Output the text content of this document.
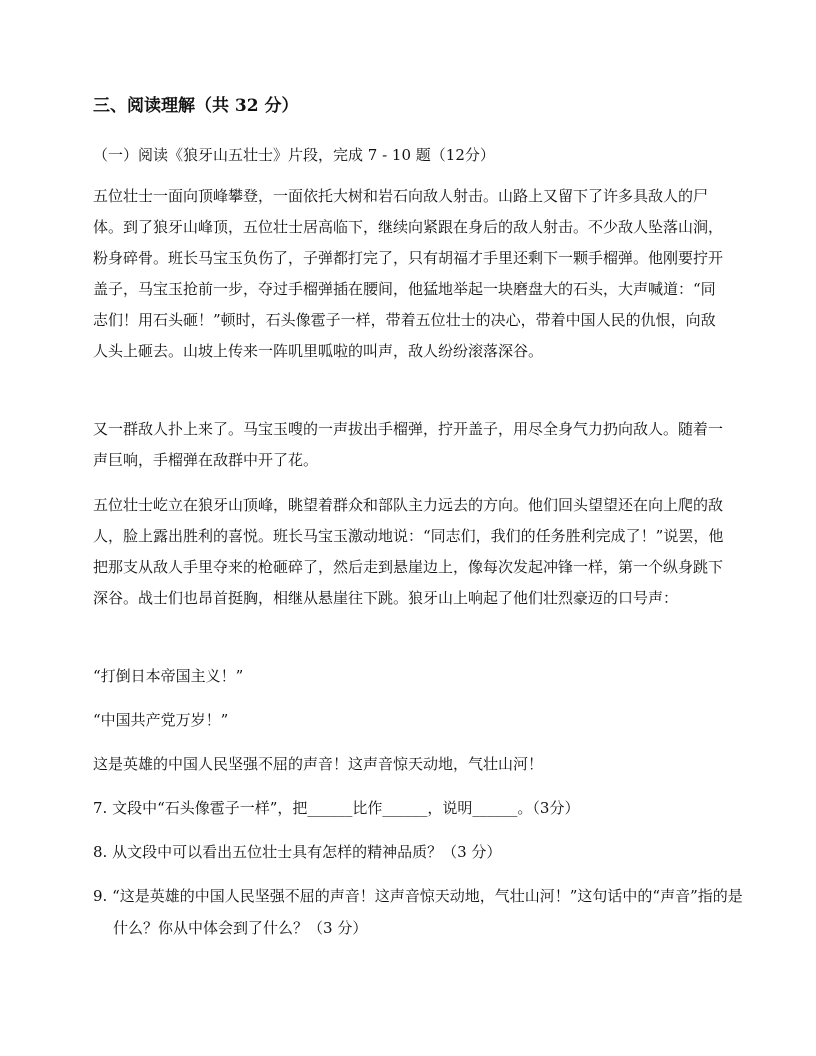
三、阅读理解（共 32 分）
（一）阅读《狼牙山五壮士》片段，完成 7 - 10 题（12分）

五位壮士一面向顶峰攀登，一面依托大树和岩石向敌人射击。山路上又留下了许多具敌人的尸体。到了狼牙山峰顶，五位壮士居高临下，继续向紧跟在身后的敌人射击。不少敌人坠落山涧，粉身碎骨。班长马宝玉负伤了，子弹都打完了，只有胡福才手里还剩下一颗手榴弹。他刚要拧开盖子，马宝玉抢前一步，夺过手榴弹插在腰间，他猛地举起一块磨盘大的石头，大声喊道：“同志们！用石头砸！”顿时，石头像雹子一样，带着五位壮士的决心，带着中国人民的仇恨，向敌人头上砸去。山坡上传来一阵叽里呱啦的叫声，敌人纷纷滚落深谷。

又一群敌人扑上来了。马宝玉嗖的一声拔出手榴弹，拧开盖子，用尽全身气力扔向敌人。随着一声巨响，手榴弹在敌群中开了花。

五位壮士屹立在狼牙山顶峰，眺望着群众和部队主力远去的方向。他们回头望望还在向上爬的敌人，脸上露出胜利的喜悦。班长马宝玉激动地说：“同志们，我们的任务胜利完成了！”说罢，他把那支从敌人手里夺来的枪砸碎了，然后走到悬崖边上，像每次发起冲锋一样，第一个纵身跳下深谷。战士们也昂首挺胸，相继从悬崖往下跳。狼牙山上响起了他们壮烈豪迈的口号声：

“打倒日本帝国主义！”
“中国共产党万岁！”
这是英雄的中国人民坚强不屈的声音！这声音惊天动地，气壮山河！
7. 文段中“石头像雹子一样”，把______比作______，说明______。（3分）
8. 从文段中可以看出五位壮士具有怎样的精神品质？（3 分）
9. “这是英雄的中国人民坚强不屈的声音！这声音惊天动地，气壮山河！”这句话中的“声音”指的是什么？你从中体会到了什么？（3 分）
